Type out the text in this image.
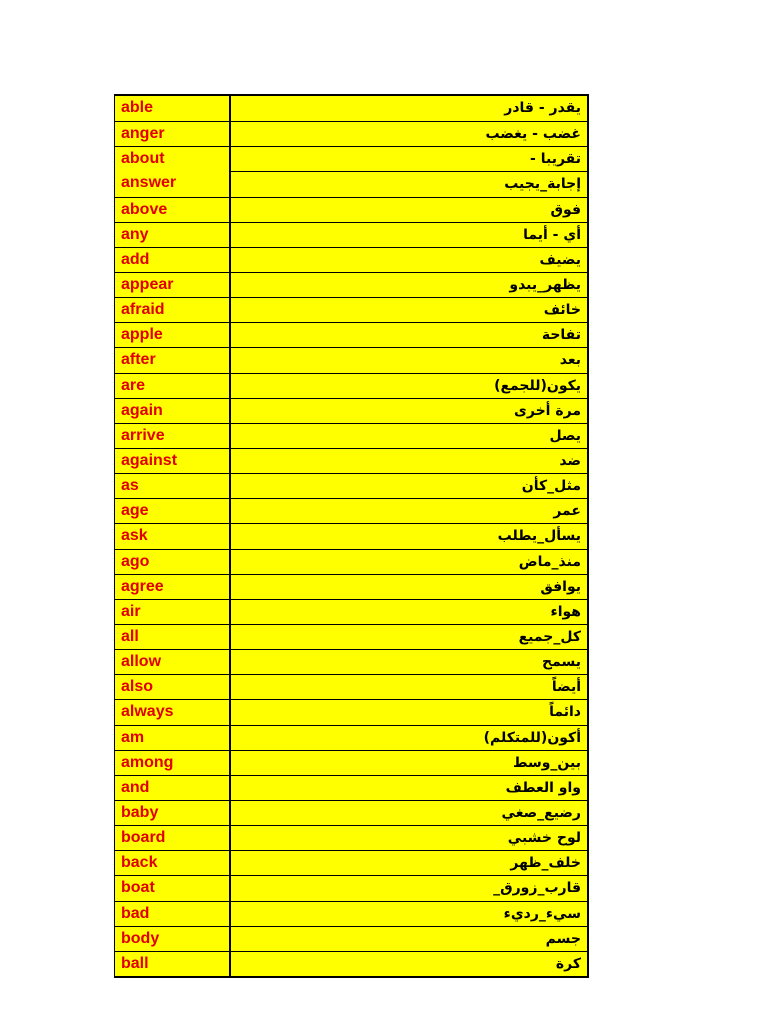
able	يقدر - قادر
anger	غضب - يغضب
about	تقريبا -
answer	إجابة_يجيب
above	فوق
any	أي - أيما
add	يضيف
appear	يظهر_يبدو
afraid	خائف
apple	تفاحة
after	بعد
are	يكون(للجمع)
again	مرة أخرى
arrive	يصل
against	ضد
as	مثل_كأن
age	عمر
ask	يسأل_يطلب
ago	منذ_ماض
agree	يوافق
air	هواء
all	كل_جميع
allow	يسمح
also	أيضاً
always	دائماً
am	أكون(للمتكلم)
among	بين_وسط
and	واو العطف
baby	رضيع_صغي
board	لوح خشبي
back	خلف_ظهر
boat	قارب_زورق_
bad	سيء_رديء
body	جسم
ball	كرة
